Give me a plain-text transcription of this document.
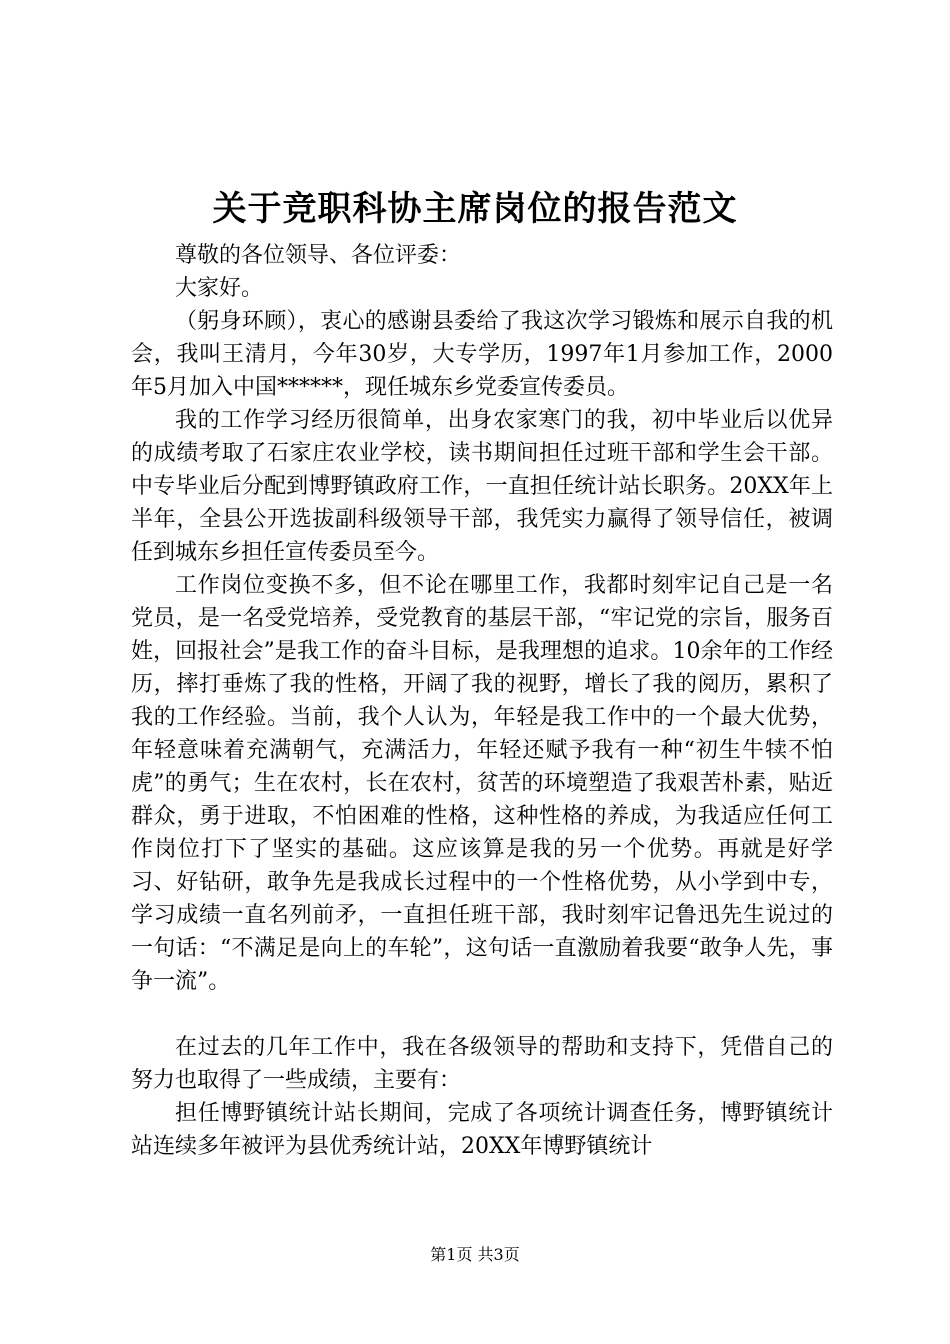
关于竞职科协主席岗位的报告范文

尊敬的各位领导、各位评委：

大家好。

（躬身环顾），衷心的感谢县委给了我这次学习锻炼和展示自我的机会，我叫王清月，今年30岁，大专学历，1997年1月参加工作，2000年5月加入中国******，现任城东乡党委宣传委员。

我的工作学习经历很简单，出身农家寒门的我，初中毕业后以优异的成绩考取了石家庄农业学校，读书期间担任过班干部和学生会干部。中专毕业后分配到博野镇政府工作，一直担任统计站长职务。20XX年上半年，全县公开选拔副科级领导干部，我凭实力赢得了领导信任，被调任到城东乡担任宣传委员至今。

工作岗位变换不多，但不论在哪里工作，我都时刻牢记自己是一名党员，是一名受党培养，受党教育的基层干部，“牢记党的宗旨，服务百姓，回报社会”是我工作的奋斗目标，是我理想的追求。10余年的工作经历，摔打垂炼了我的性格，开阔了我的视野，增长了我的阅历，累积了我的工作经验。当前，我个人认为，年轻是我工作中的一个最大优势，年轻意味着充满朝气，充满活力，年轻还赋予我有一种“初生牛犊不怕虎”的勇气；生在农村，长在农村，贫苦的环境塑造了我艰苦朴素，贴近群众，勇于进取，不怕困难的性格，这种性格的养成，为我适应任何工作岗位打下了坚实的基础。这应该算是我的另一个优势。再就是好学习、好钻研，敢争先是我成长过程中的一个性格优势，从小学到中专，学习成绩一直名列前矛，一直担任班干部，我时刻牢记鲁迅先生说过的一句话：“不满足是向上的车轮”，这句话一直激励着我要“敢争人先，事争一流”。

在过去的几年工作中，我在各级领导的帮助和支持下，凭借自己的努力也取得了一些成绩，主要有：

担任博野镇统计站长期间，完成了各项统计调查任务，博野镇统计站连续多年被评为县优秀统计站，20XX年博野镇统计

第1页 共3页
